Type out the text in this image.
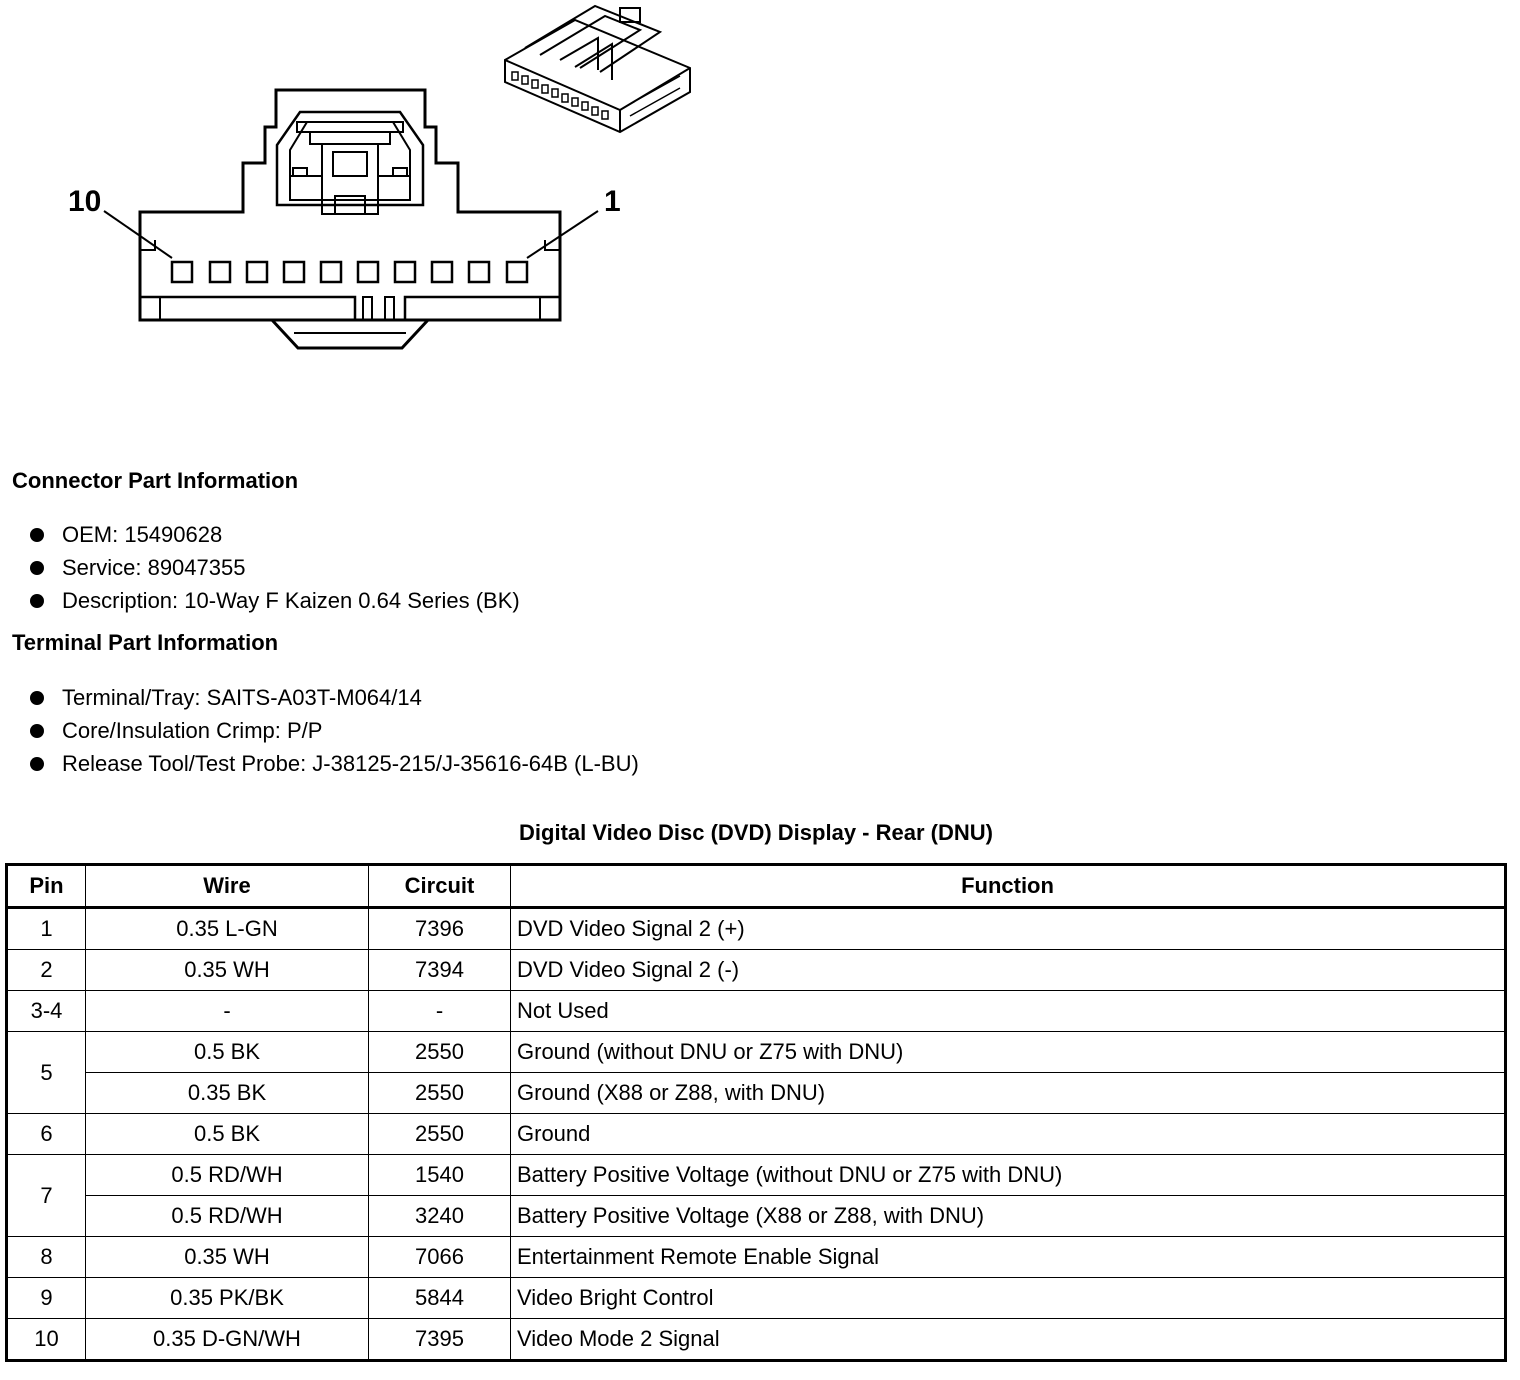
10	1
Connector Part Information
OEM: 15490628
Service: 89047355
Description: 10-Way F Kaizen 0.64 Series (BK)
Terminal Part Information
Terminal/Tray: SAITS-A03T-M064/14
Core/Insulation Crimp: P/P
Release Tool/Test Probe: J-38125-215/J-35616-64B (L-BU)
Digital Video Disc (DVD) Display - Rear (DNU)
Pin	Wire	Circuit	Function
1	0.35 L-GN	7396	DVD Video Signal 2 (+)
2	0.35 WH	7394	DVD Video Signal 2 (-)
3-4	-	-	Not Used
5	0.5 BK	2550	Ground (without DNU or Z75 with DNU)
	0.35 BK	2550	Ground (X88 or Z88, with DNU)
6	0.5 BK	2550	Ground
7	0.5 RD/WH	1540	Battery Positive Voltage (without DNU or Z75 with DNU)
	0.5 RD/WH	3240	Battery Positive Voltage (X88 or Z88, with DNU)
8	0.35 WH	7066	Entertainment Remote Enable Signal
9	0.35 PK/BK	5844	Video Bright Control
10	0.35 D-GN/WH	7395	Video Mode 2 Signal
